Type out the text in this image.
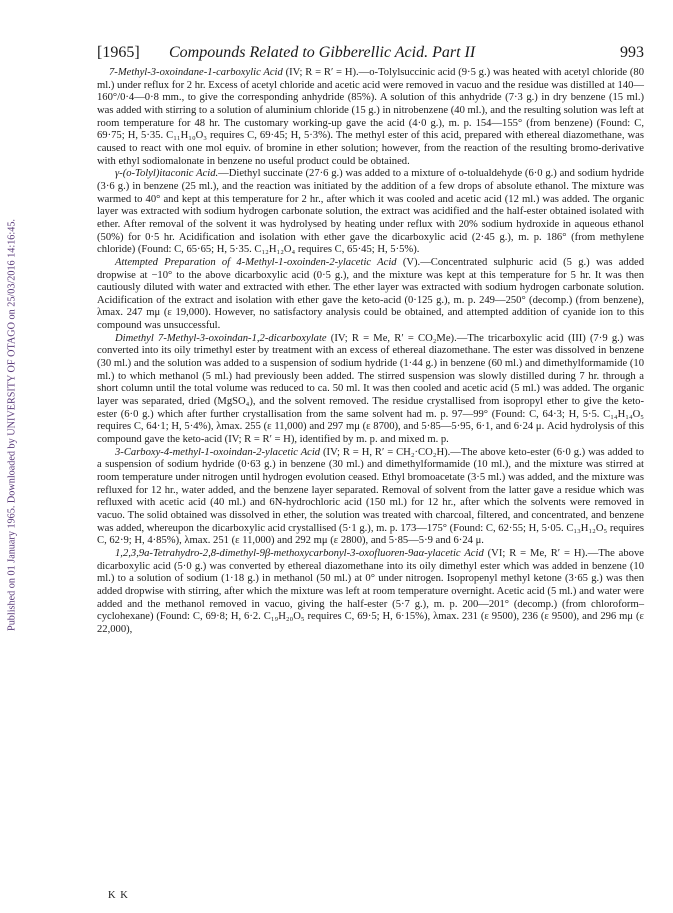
Published on 01 January 1965. Downloaded by UNIVERSITY OF OTAGO on 25/03/2016 14:16:45.
[1965] Compounds Related to Gibberellic Acid. Part II	993

7-Methyl-3-oxoindane-1-carboxylic Acid (IV; R = R′ = H).—o-Tolylsuccinic acid (9·5 g.) was heated with acetyl chloride (80 ml.) under reflux for 2 hr. Excess of acetyl chloride and acetic acid were removed in vacuo and the residue was distilled at 140—160°/0·4—0·8 mm., to give the corresponding anhydride (85%). A solution of this anhydride (7·3 g.) in dry benzene (15 ml.) was added with stirring to a solution of aluminium chloride (15 g.) in nitrobenzene (40 ml.), and the resulting solution was left at room temperature for 48 hr. The customary working-up gave the acid (4·0 g.), m. p. 154—155° (from benzene) (Found: C, 69·75; H, 5·35. C₁₁H₁₀O₃ requires C, 69·45; H, 5·3%). The methyl ester of this acid, prepared with ethereal diazomethane, was caused to react with one mol equiv. of bromine in ether solution; however, from the reaction of the resulting bromo-derivative with ethyl sodiomalonate in benzene no useful product could be obtained.

γ-(o-Tolyl)itaconic Acid.—Diethyl succinate (27·6 g.) was added to a mixture of o-tolualdehyde (6·0 g.) and sodium hydride (3·6 g.) in benzene (25 ml.), and the reaction was initiated by the addition of a few drops of absolute ethanol. The mixture was warmed to 40° and kept at this temperature for 2 hr., after which it was cooled and acetic acid (12 ml.) was added. The organic layer was extracted with sodium hydrogen carbonate solution, the extract was acidified and the half-ester obtained isolated with ether. After removal of the solvent it was hydrolysed by heating under reflux with 20% sodium hydroxide in aqueous ethanol (50%) for 0·5 hr. Acidification and isolation with ether gave the dicarboxylic acid (2·45 g.), m. p. 186° (from methylene chloride) (Found: C, 65·65; H, 5·35. C₁₂H₁₂O₄ requires C, 65·45; H, 5·5%).

Attempted Preparation of 4-Methyl-1-oxoinden-2-ylacetic Acid (V).—Concentrated sulphuric acid (5 g.) was added dropwise at −10° to the above dicarboxylic acid (0·5 g.), and the mixture was kept at this temperature for 5 hr. It was then cautiously diluted with water and extracted with ether. The ether layer was extracted with sodium hydrogen carbonate solution. Acidification of the extract and isolation with ether gave the keto-acid (0·125 g.), m. p. 249—250° (decomp.) (from benzene), λmax. 247 mμ (ε 19,000). However, no satisfactory analysis could be obtained, and attempted addition of cyanide ion to this compound was unsuccessful.

Dimethyl 7-Methyl-3-oxoindan-1,2-dicarboxylate (IV; R = Me, R′ = CO₂Me).—The tricarboxylic acid (III) (7·9 g.) was converted into its oily trimethyl ester by treatment with an excess of ethereal diazomethane. The ester was dissolved in benzene (30 ml.) and the solution was added to a suspension of sodium hydride (1·44 g.) in benzene (60 ml.) and dimethylformamide (10 ml.) to which methanol (5 ml.) had previously been added. The stirred suspension was slowly distilled during 7 hr. through a short column until the total volume was reduced to ca. 50 ml. It was then cooled and acetic acid (5 ml.) was added. The organic layer was separated, dried (MgSO₄), and the solvent removed. The residue crystallised from isopropyl ether to give the keto-ester (6·0 g.) which after further crystallisation from the same solvent had m. p. 97—99° (Found: C, 64·3; H, 5·5. C₁₄H₁₄O₅ requires C, 64·1; H, 5·4%), λmax. 255 (ε 11,000) and 297 mμ (ε 8700), and 5·85—5·95, 6·1, and 6·24 μ. Acid hydrolysis of this compound gave the keto-acid (IV; R = R′ = H), identified by m. p. and mixed m. p.

3-Carboxy-4-methyl-1-oxoindan-2-ylacetic Acid (IV; R = H, R′ = CH₂·CO₂H).—The above keto-ester (6·0 g.) was added to a suspension of sodium hydride (0·63 g.) in benzene (30 ml.) and dimethylformamide (10 ml.), and the mixture was stirred at room temperature under nitrogen until hydrogen evolution ceased. Ethyl bromoacetate (3·5 ml.) was added, and the mixture was refluxed for 12 hr., water added, and the benzene layer separated. Removal of solvent from the latter gave a residue which was refluxed with acetic acid (40 ml.) and 6N-hydrochloric acid (150 ml.) for 12 hr., after which the solvents were removed in vacuo. The solid obtained was dissolved in ether, the solution was treated with charcoal, filtered, and concentrated, and benzene was added, whereupon the dicarboxylic acid crystallised (5·1 g.), m. p. 173—175° (Found: C, 62·55; H, 5·05. C₁₃H₁₂O₅ requires C, 62·9; H, 4·85%), λmax. 251 (ε 11,000) and 292 mμ (ε 2800), and 5·85—5·9 and 6·24 μ.

1,2,3,9a-Tetrahydro-2,8-dimethyl-9β-methoxycarbonyl-3-oxofluoren-9aα-ylacetic Acid (VI; R = Me, R′ = H).—The above dicarboxylic acid (5·0 g.) was converted by ethereal diazomethane into its oily dimethyl ester which was added in benzene (10 ml.) to a solution of sodium (1·18 g.) in methanol (50 ml.) at 0° under nitrogen. Isopropenyl methyl ketone (3·65 g.) was then added dropwise with stirring, after which the mixture was left at room temperature overnight. Acetic acid (5 ml.) and water were added and the methanol removed in vacuo, giving the half-ester (5·7 g.), m. p. 200—201° (decomp.) (from chloroform–cyclohexane) (Found: C, 69·8; H, 6·2. C₁₉H₂₀O₅ requires C, 69·5; H, 6·15%), λmax. 231 (ε 9500), 236 (ε 9500), and 296 mμ (ε 22,000),

K K
